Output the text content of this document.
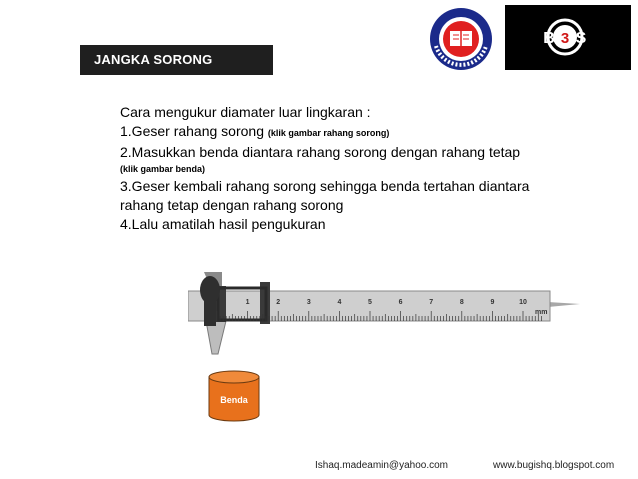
JANGKA SORONG
3
B S
Cara mengukur diamater luar lingkaran :
1.Geser rahang sorong (klik gambar rahang sorong)
2.Masukkan benda diantara rahang sorong dengan rahang tetap
(klik gambar benda)
3.Geser kembali rahang sorong sehingga benda tertahan diantara
rahang tetap dengan rahang sorong
4.Lalu amatilah hasil pengukuran
1	2	3	4	5	6	7	8	9	10
mm
Benda
Ishaq.madeamin@yahoo.com	www.bugishq.blogspot.com
